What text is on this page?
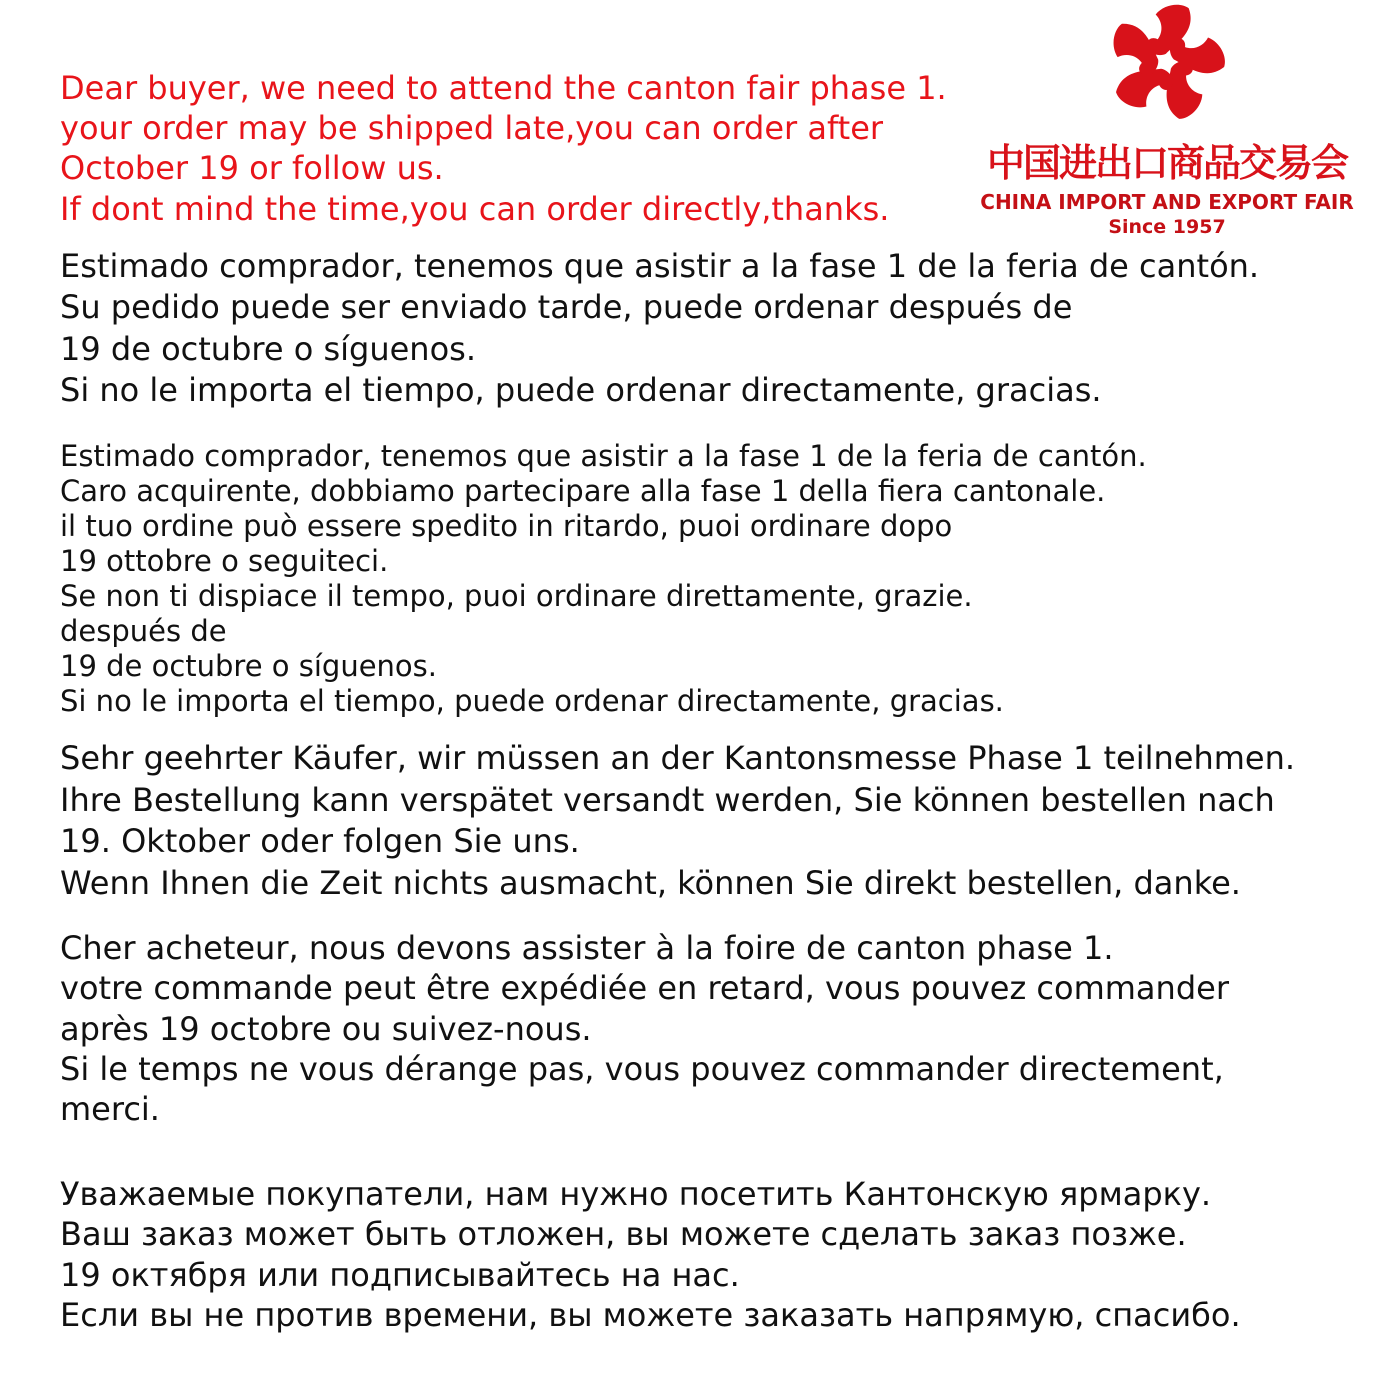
Dear buyer, we need to attend the canton fair phase 1.
your order may be shipped late,you can order after
October 19 or follow us.
If dont mind the time,you can order directly,thanks.
中国进出口商品交易会
CHINA IMPORT AND EXPORT FAIR
Since 1957
Estimado comprador, tenemos que asistir a la fase 1 de la feria de cantón.
Su pedido puede ser enviado tarde, puede ordenar después de
19 de octubre o síguenos.
Si no le importa el tiempo, puede ordenar directamente, gracias.
Estimado comprador, tenemos que asistir a la fase 1 de la feria de cantón.
Caro acquirente, dobbiamo partecipare alla fase 1 della fiera cantonale.
il tuo ordine può essere spedito in ritardo, puoi ordinare dopo
19 ottobre o seguiteci.
Se non ti dispiace il tempo, puoi ordinare direttamente, grazie.
después de
19 de octubre o síguenos.
Si no le importa el tiempo, puede ordenar directamente, gracias.
Sehr geehrter Käufer, wir müssen an der Kantonsmesse Phase 1 teilnehmen.
Ihre Bestellung kann verspätet versandt werden, Sie können bestellen nach
19. Oktober oder folgen Sie uns.
Wenn Ihnen die Zeit nichts ausmacht, können Sie direkt bestellen, danke.
Cher acheteur, nous devons assister à la foire de canton phase 1.
votre commande peut être expédiée en retard, vous pouvez commander
après 19 octobre ou suivez-nous.
Si le temps ne vous dérange pas, vous pouvez commander directement,
merci.
Уважаемые покупатели, нам нужно посетить Кантонскую ярмарку.
Ваш заказ может быть отложен, вы можете сделать заказ позже.
19 октября или подписывайтесь на нас.
Если вы не против времени, вы можете заказать напрямую, спасибо.
